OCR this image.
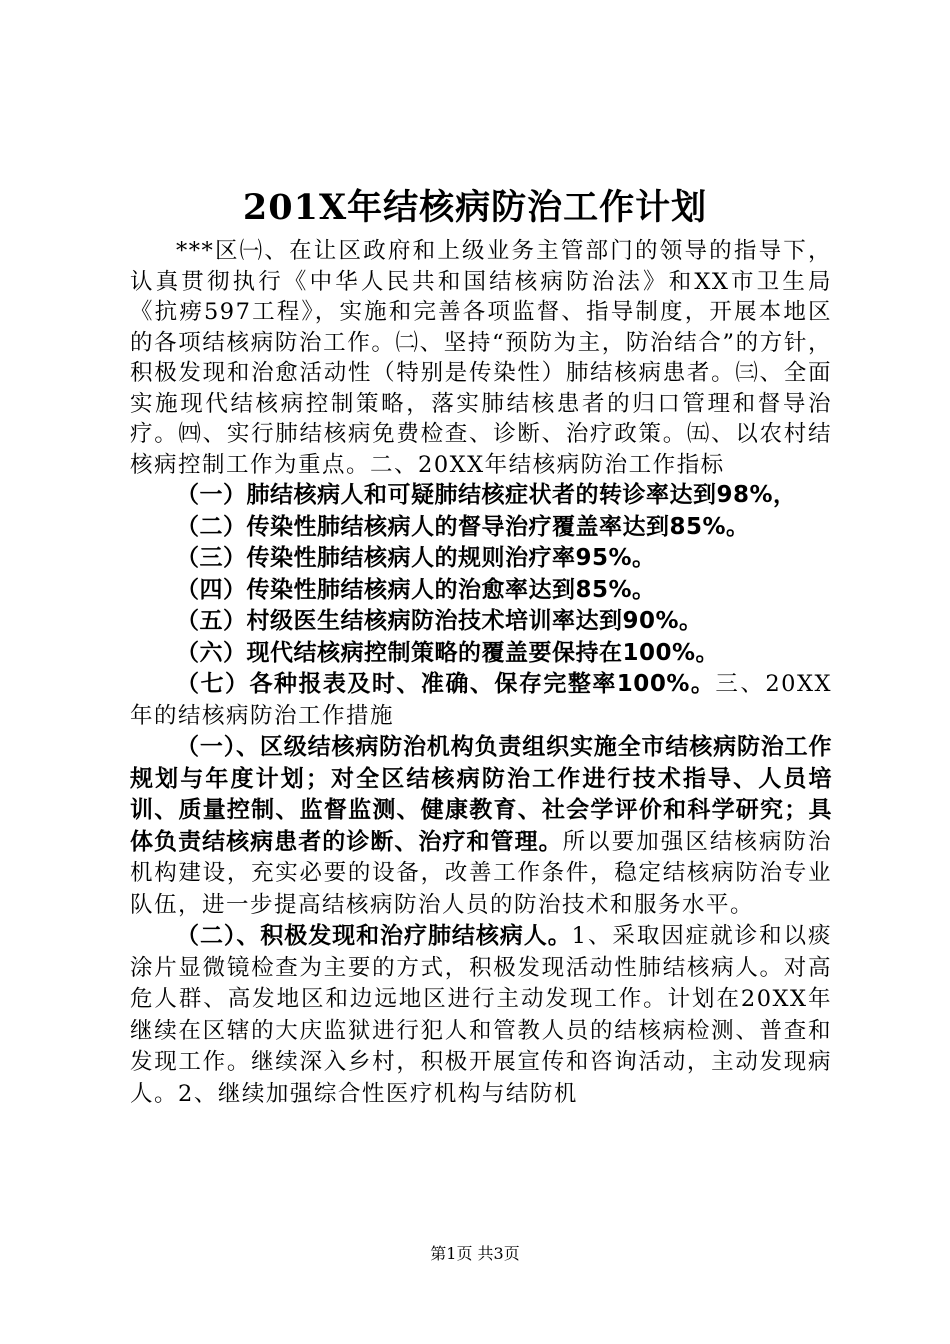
201X年结核病防治工作计划

***区㈠、在让区政府和上级业务主管部门的领导的指导下，认真贯彻执行《中华人民共和国结核病防治法》和XX市卫生局《抗痨597工程》，实施和完善各项监督、指导制度，开展本地区的各项结核病防治工作。㈡、坚持“预防为主，防治结合”的方针，积极发现和治愈活动性（特别是传染性）肺结核病患者。㈢、全面实施现代结核病控制策略，落实肺结核患者的归口管理和督导治疗。㈣、实行肺结核病免费检查、诊断、治疗政策。㈤、以农村结核病控制工作为重点。二、20XX年结核病防治工作指标

（一）肺结核病人和可疑肺结核症状者的转诊率达到98%，

（二）传染性肺结核病人的督导治疗覆盖率达到85%。

（三）传染性肺结核病人的规则治疗率95%。

（四）传染性肺结核病人的治愈率达到85%。

（五）村级医生结核病防治技术培训率达到90%。

（六）现代结核病控制策略的覆盖要保持在100%。

（七）各种报表及时、准确、保存完整率100%。三、20XX年的结核病防治工作措施

（一）、区级结核病防治机构负责组织实施全市结核病防治工作规划与年度计划；对全区结核病防治工作进行技术指导、人员培训、质量控制、监督监测、健康教育、社会学评价和科学研究；具体负责结核病患者的诊断、治疗和管理。所以要加强区结核病防治机构建设，充实必要的设备，改善工作条件，稳定结核病防治专业队伍，进一步提高结核病防治人员的防治技术和服务水平。

（二）、积极发现和治疗肺结核病人。1、采取因症就诊和以痰涂片显微镜检查为主要的方式，积极发现活动性肺结核病人。对高危人群、高发地区和边远地区进行主动发现工作。计划在20XX年继续在区辖的大庆监狱进行犯人和管教人员的结核病检测、普查和发现工作。继续深入乡村，积极开展宣传和咨询活动，主动发现病人。2、继续加强综合性医疗机构与结防机

第1页 共3页
